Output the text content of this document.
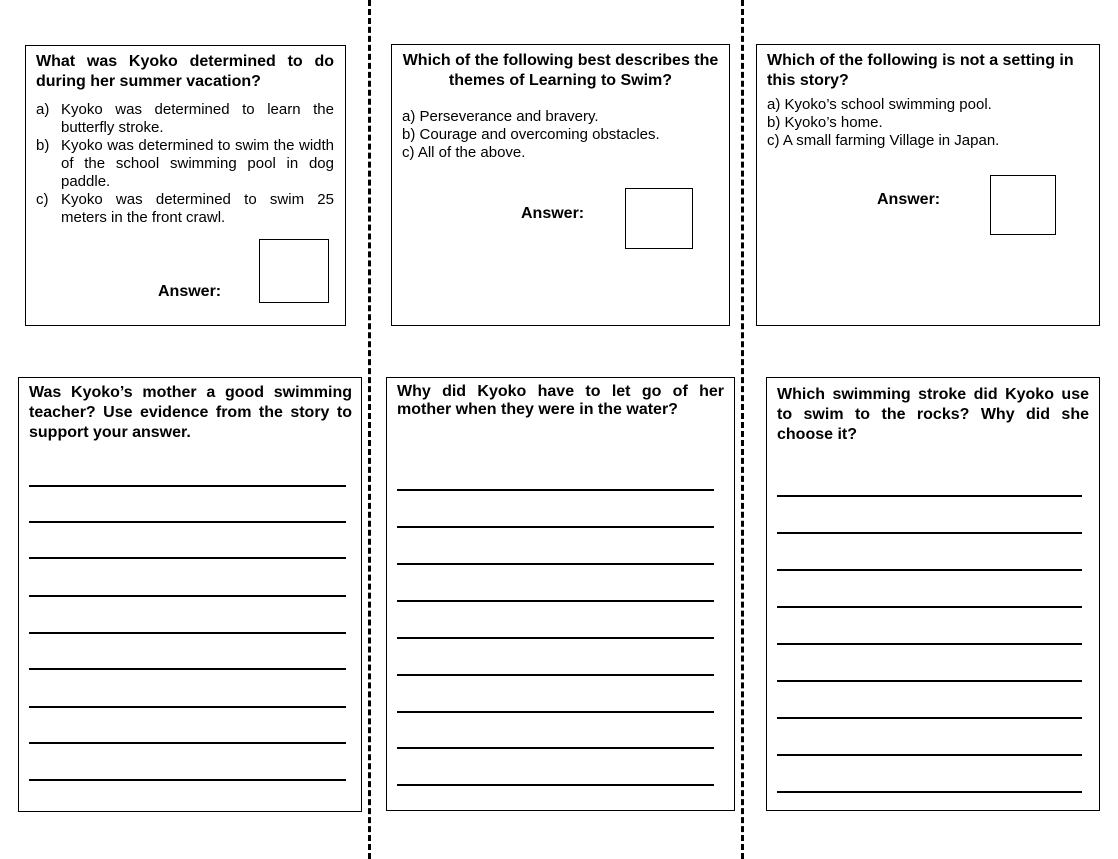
What was Kyoko determined to do during her summer vacation?

a) Kyoko was determined to learn the butterfly stroke.
b) Kyoko was determined to swim the width of the school swimming pool in dog paddle.
c) Kyoko was determined to swim 25 meters in the front crawl.
Answer:

Which of the following best describes the themes of Learning to Swim?

a) Perseverance and bravery.
b) Courage and overcoming obstacles.
c) All of the above.
Answer:

Which of the following is not a setting in this story?

a) Kyoko’s school swimming pool.
b) Kyoko’s home.
c) A small farming Village in Japan.
Answer:

Was Kyoko’s mother a good swimming teacher? Use evidence from the story to support your answer.

Why did Kyoko have to let go of her mother when they were in the water?

Which swimming stroke did Kyoko use to swim to the rocks? Why did she choose it?
